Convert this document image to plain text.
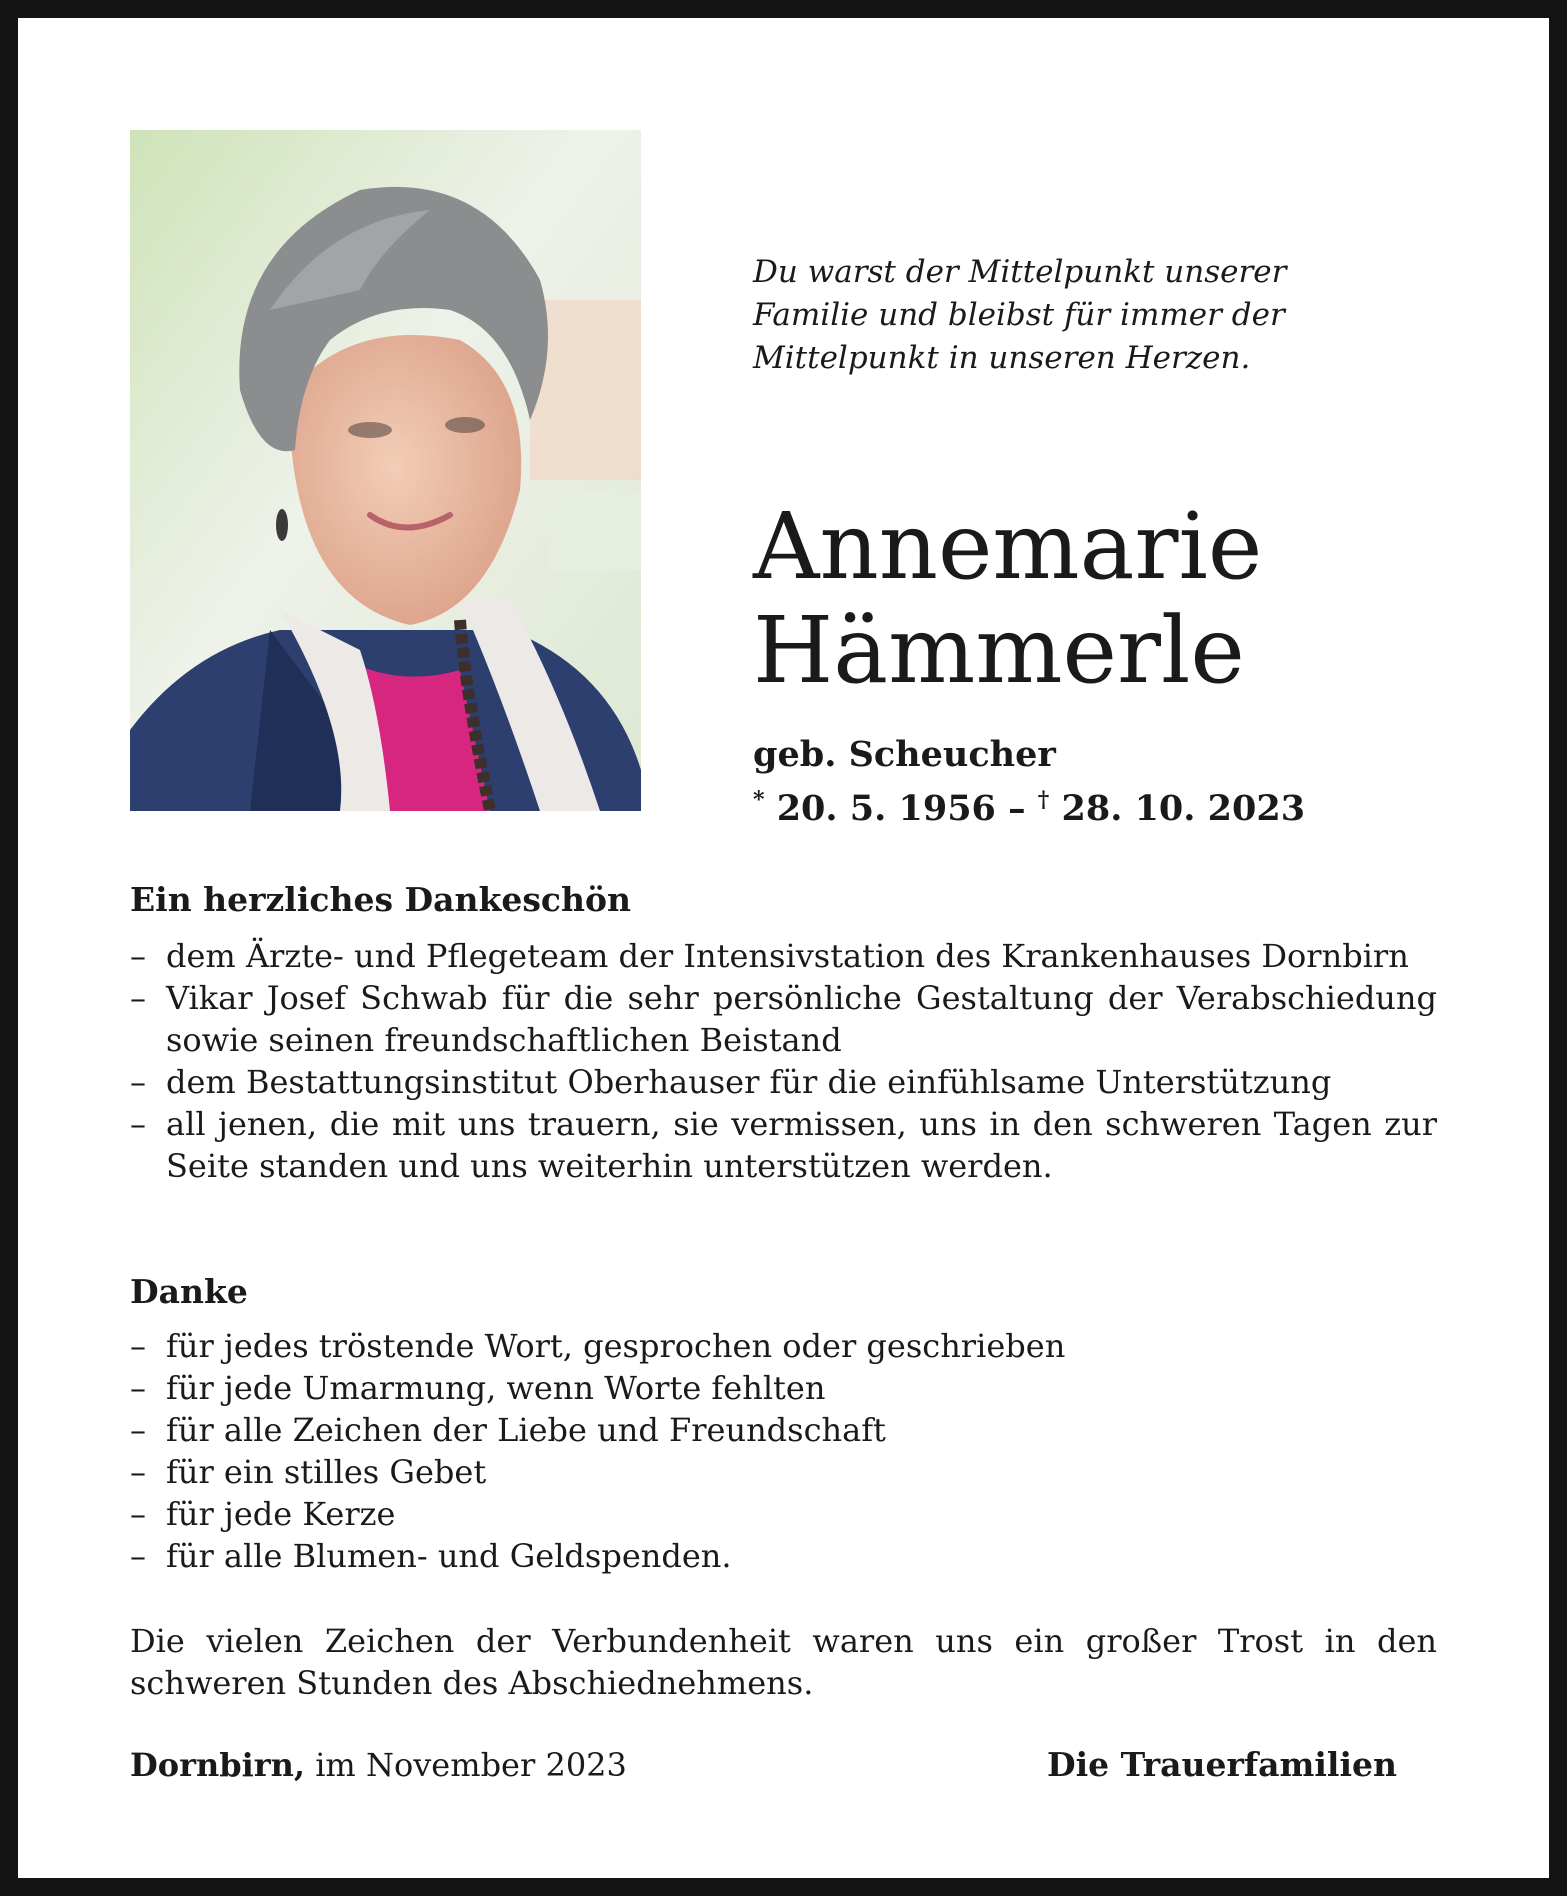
Du warst der Mittelpunkt unserer
Familie und bleibst für immer der
Mittelpunkt in unseren Herzen.
Annemarie
Hämmerle
geb. Scheucher
* 20. 5. 1956 – † 28. 10. 2023
Ein herzliches Dankeschön
– dem Ärzte- und Pflegeteam der Intensivstation des Krankenhauses Dornbirn
– Vikar Josef Schwab für die sehr persönliche Gestaltung der Verabschiedung sowie seinen freundschaftlichen Beistand
– dem Bestattungsinstitut Oberhauser für die einfühlsame Unterstützung
– all jenen, die mit uns trauern, sie vermissen, uns in den schweren Tagen zur Seite standen und uns weiterhin unterstützen werden.
Danke
– für jedes tröstende Wort, gesprochen oder geschrieben
– für jede Umarmung, wenn Worte fehlten
– für alle Zeichen der Liebe und Freundschaft
– für ein stilles Gebet
– für jede Kerze
– für alle Blumen- und Geldspenden.
Die vielen Zeichen der Verbundenheit waren uns ein großer Trost in den schweren Stunden des Abschiednehmens.
Dornbirn, im November 2023	Die Trauerfamilien
